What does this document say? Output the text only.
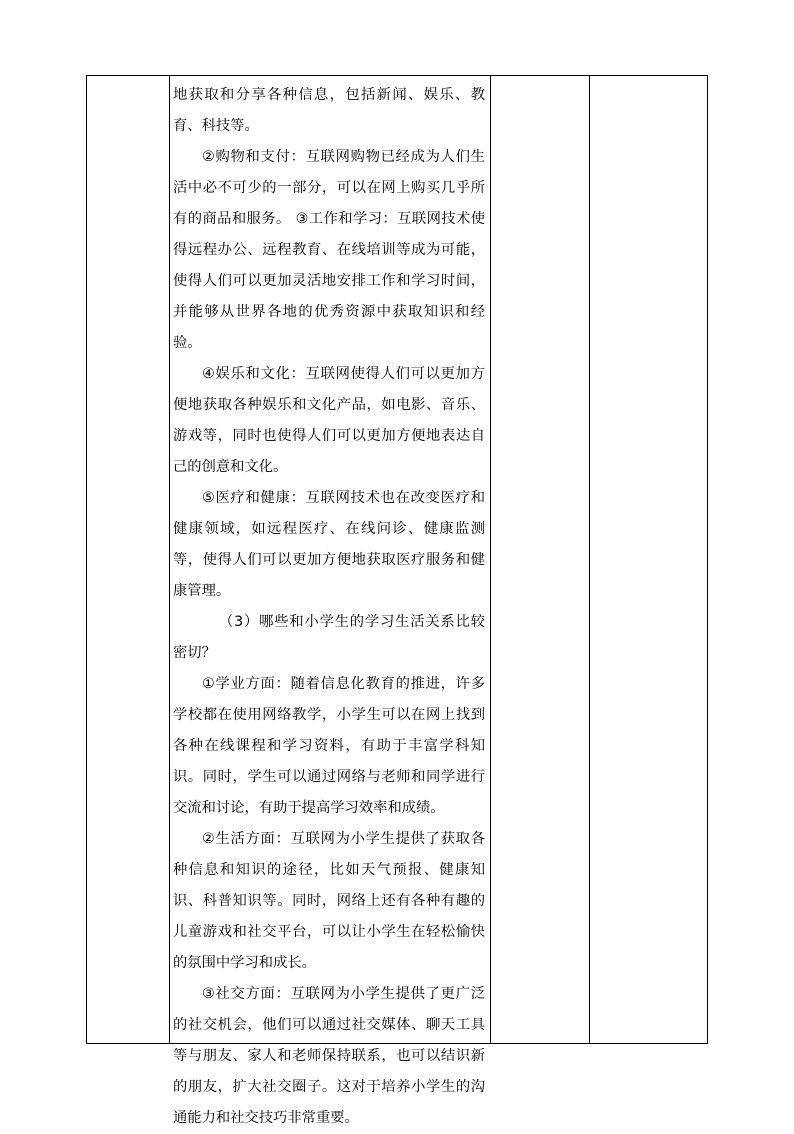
地获取和分享各种信息，包括新闻、娱乐、教育、科技等。

②购物和支付：互联网购物已经成为人们生活中必不可少的一部分，可以在网上购买几乎所有的商品和服务。 ③工作和学习：互联网技术使得远程办公、远程教育、在线培训等成为可能，使得人们可以更加灵活地安排工作和学习时间，并能够从世界各地的优秀资源中获取知识和经验。

④娱乐和文化：互联网使得人们可以更加方便地获取各种娱乐和文化产品，如电影、音乐、游戏等，同时也使得人们可以更加方便地表达自己的创意和文化。

⑤医疗和健康：互联网技术也在改变医疗和健康领域，如远程医疗、在线问诊、健康监测等，使得人们可以更加方便地获取医疗服务和健康管理。

（3）哪些和小学生的学习生活关系比较密切？

①学业方面：随着信息化教育的推进，许多学校都在使用网络教学，小学生可以在网上找到各种在线课程和学习资料，有助于丰富学科知识。同时，学生可以通过网络与老师和同学进行交流和讨论，有助于提高学习效率和成绩。

②生活方面：互联网为小学生提供了获取各种信息和知识的途径，比如天气预报、健康知识、科普知识等。同时，网络上还有各种有趣的儿童游戏和社交平台，可以让小学生在轻松愉快的氛围中学习和成长。

③社交方面：互联网为小学生提供了更广泛的社交机会，他们可以通过社交媒体、聊天工具等与朋友、家人和老师保持联系，也可以结识新的朋友，扩大社交圈子。这对于培养小学生的沟通能力和社交技巧非常重要。
